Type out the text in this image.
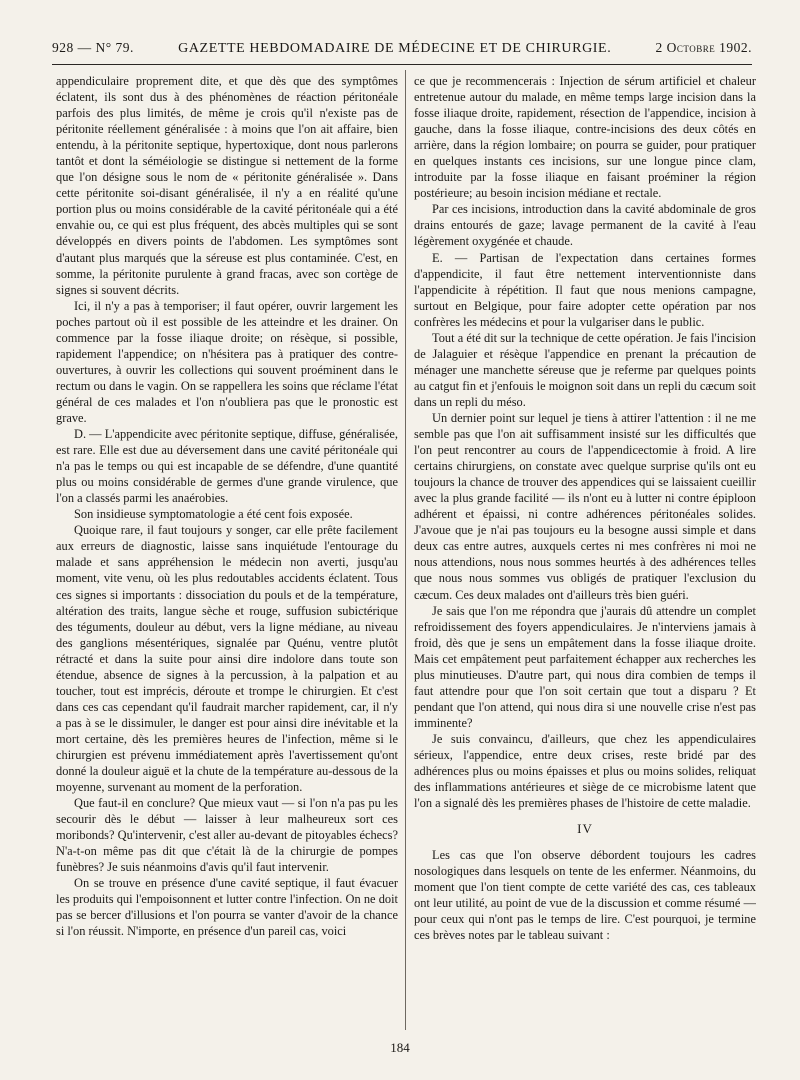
928 — N° 79.	GAZETTE HEBDOMADAIRE DE MÉDECINE ET DE CHIRURGIE.	2 Octobre 1902.

appendiculaire proprement dite, et que dès que des symptômes éclatent, ils sont dus à des phénomènes de réaction péritonéale parfois des plus limités, de même je crois qu'il n'existe pas de péritonite réellement généralisée : à moins que l'on ait affaire, bien entendu, à la péritonite septique, hypertoxique, dont nous parlerons tantôt et dont la séméiologie se distingue si nettement de la forme que l'on désigne sous le nom de « péritonite généralisée ». Dans cette péritonite soi-disant généralisée, il n'y a en réalité qu'une portion plus ou moins considérable de la cavité péritonéale qui a été envahie ou, ce qui est plus fréquent, des abcès multiples qui se sont développés en divers points de l'abdomen. Les symptômes sont d'autant plus marqués que la séreuse est plus contaminée. C'est, en somme, la péritonite purulente à grand fracas, avec son cortège de signes si souvent décrits.

Ici, il n'y a pas à temporiser; il faut opérer, ouvrir largement les poches partout où il est possible de les atteindre et les drainer. On commence par la fosse iliaque droite; on résèque, si possible, rapidement l'appendice; on n'hésitera pas à pratiquer des contre-ouvertures, à ouvrir les collections qui souvent proéminent dans le rectum ou dans le vagin. On se rappellera les soins que réclame l'état général de ces malades et l'on n'oubliera pas que le pronostic est grave.

D. — L'appendicite avec péritonite septique, diffuse, généralisée, est rare. Elle est due au déversement dans une cavité péritonéale qui n'a pas le temps ou qui est incapable de se défendre, d'une quantité plus ou moins considérable de germes d'une grande virulence, que l'on a classés parmi les anaérobies.

Son insidieuse symptomatologie a été cent fois exposée.

Quoique rare, il faut toujours y songer, car elle prête facilement aux erreurs de diagnostic, laisse sans inquiétude l'entourage du malade et sans appréhension le médecin non averti, jusqu'au moment, vite venu, où les plus redoutables accidents éclatent. Tous ces signes si importants : dissociation du pouls et de la température, altération des traits, langue sèche et rouge, suffusion subictérique des téguments, douleur au début, vers la ligne médiane, au niveau des ganglions mésentériques, signalée par Quénu, ventre plutôt rétracté et dans la suite pour ainsi dire indolore dans toute son étendue, absence de signes à la percussion, à la palpation et au toucher, tout est imprécis, déroute et trompe le chirurgien. Et c'est dans ces cas cependant qu'il faudrait marcher rapidement, car, il n'y a pas à se le dissimuler, le danger est pour ainsi dire inévitable et la mort certaine, dès les premières heures de l'infection, même si le chirurgien est prévenu immédiatement après l'avertissement qu'ont donné la douleur aiguë et la chute de la température au-dessous de la moyenne, survenant au moment de la perforation.

Que faut-il en conclure? Que mieux vaut — si l'on n'a pas pu les secourir dès le début — laisser à leur malheureux sort ces moribonds? Qu'intervenir, c'est aller au-devant de pitoyables échecs? N'a-t-on même pas dit que c'était là de la chirurgie de pompes funèbres? Je suis néanmoins d'avis qu'il faut intervenir.

On se trouve en présence d'une cavité septique, il faut évacuer les produits qui l'empoisonnent et lutter contre l'infection. On ne doit pas se bercer d'illusions et l'on pourra se vanter d'avoir de la chance si l'on réussit. N'importe, en présence d'un pareil cas, voici

ce que je recommencerais : Injection de sérum artificiel et chaleur entretenue autour du malade, en même temps large incision dans la fosse iliaque droite, rapidement, résection de l'appendice, incision à gauche, dans la fosse iliaque, contre-incisions des deux côtés en arrière, dans la région lombaire; on pourra se guider, pour pratiquer en quelques instants ces incisions, sur une longue pince clam, introduite par la fosse iliaque en faisant proéminer la région postérieure; au besoin incision médiane et rectale.

Par ces incisions, introduction dans la cavité abdominale de gros drains entourés de gaze; lavage permanent de la cavité à l'eau légèrement oxygénée et chaude.

E. — Partisan de l'expectation dans certaines formes d'appendicite, il faut être nettement interventionniste dans l'appendicite à répétition. Il faut que nous menions campagne, surtout en Belgique, pour faire adopter cette opération par nos confrères les médecins et pour la vulgariser dans le public.

Tout a été dit sur la technique de cette opération. Je fais l'incision de Jalaguier et résèque l'appendice en prenant la précaution de ménager une manchette séreuse que je referme par quelques points au catgut fin et j'enfouis le moignon soit dans un repli du cæcum soit dans un repli du méso.

Un dernier point sur lequel je tiens à attirer l'attention : il ne me semble pas que l'on ait suffisamment insisté sur les difficultés que l'on peut rencontrer au cours de l'appendicectomie à froid. A lire certains chirurgiens, on constate avec quelque surprise qu'ils ont eu toujours la chance de trouver des appendices qui se laissaient cueillir avec la plus grande facilité — ils n'ont eu à lutter ni contre épiploon adhérent et épaissi, ni contre adhérences péritonéales solides. J'avoue que je n'ai pas toujours eu la besogne aussi simple et dans deux cas entre autres, auxquels certes ni mes confrères ni moi ne nous attendions, nous nous sommes heurtés à des adhérences telles que nous nous sommes vus obligés de pratiquer l'exclusion du cæcum. Ces deux malades ont d'ailleurs très bien guéri.

Je sais que l'on me répondra que j'aurais dû attendre un complet refroidissement des foyers appendiculaires. Je n'interviens jamais à froid, dès que je sens un empâtement dans la fosse iliaque droite. Mais cet empâtement peut parfaitement échapper aux recherches les plus minutieuses. D'autre part, qui nous dira combien de temps il faut attendre pour que l'on soit certain que tout a disparu ? Et pendant que l'on attend, qui nous dira si une nouvelle crise n'est pas imminente?

Je suis convaincu, d'ailleurs, que chez les appendiculaires sérieux, l'appendice, entre deux crises, reste bridé par des adhérences plus ou moins épaisses et plus ou moins solides, reliquat des inflammations antérieures et siège de ce microbisme latent que l'on a signalé dès les premières phases de l'histoire de cette maladie.

IV

Les cas que l'on observe débordent toujours les cadres nosologiques dans lesquels on tente de les enfermer. Néanmoins, du moment que l'on tient compte de cette variété des cas, ces tableaux ont leur utilité, au point de vue de la discussion et comme résumé — pour ceux qui n'ont pas le temps de lire. C'est pourquoi, je termine ces brèves notes par le tableau suivant :

184
